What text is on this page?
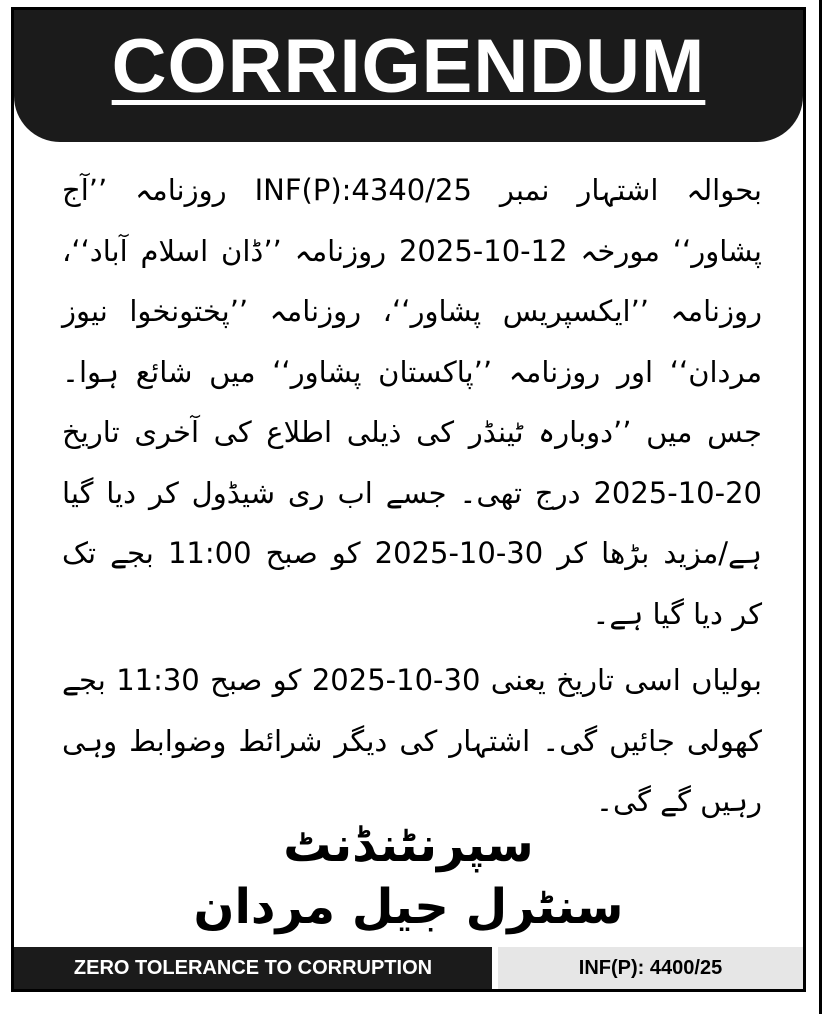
CORRIGENDUM

بحوالہ اشتہار نمبر INF(P):4340/25 روزنامہ ’’آج پشاور‘‘ مورخہ 12-10-2025 روزنامہ ’’ڈان اسلام آباد‘‘، روزنامہ ’’ایکسپریس پشاور‘‘، روزنامہ ’’پختونخوا نیوز مردان‘‘ اور روزنامہ ’’پاکستان پشاور‘‘ میں شائع ہوا۔ جس میں ’’دوبارہ ٹینڈر کی ذیلی اطلاع کی آخری تاریخ 20-10-2025 درج تھی۔ جسے اب ری شیڈول کر دیا گیا ہے/مزید بڑھا کر 30-10-2025 کو صبح 11:00 بجے تک کر دیا گیا ہے۔

بولیاں اسی تاریخ یعنی 30-10-2025 کو صبح 11:30 بجے کھولی جائیں گی۔ اشتہار کی دیگر شرائط وضوابط وہی رہیں گے گی۔

سپرنٹنڈنٹ
سنٹرل جیل مردان
ZERO TOLERANCE TO CORRUPTION	INF(P): 4400/25
